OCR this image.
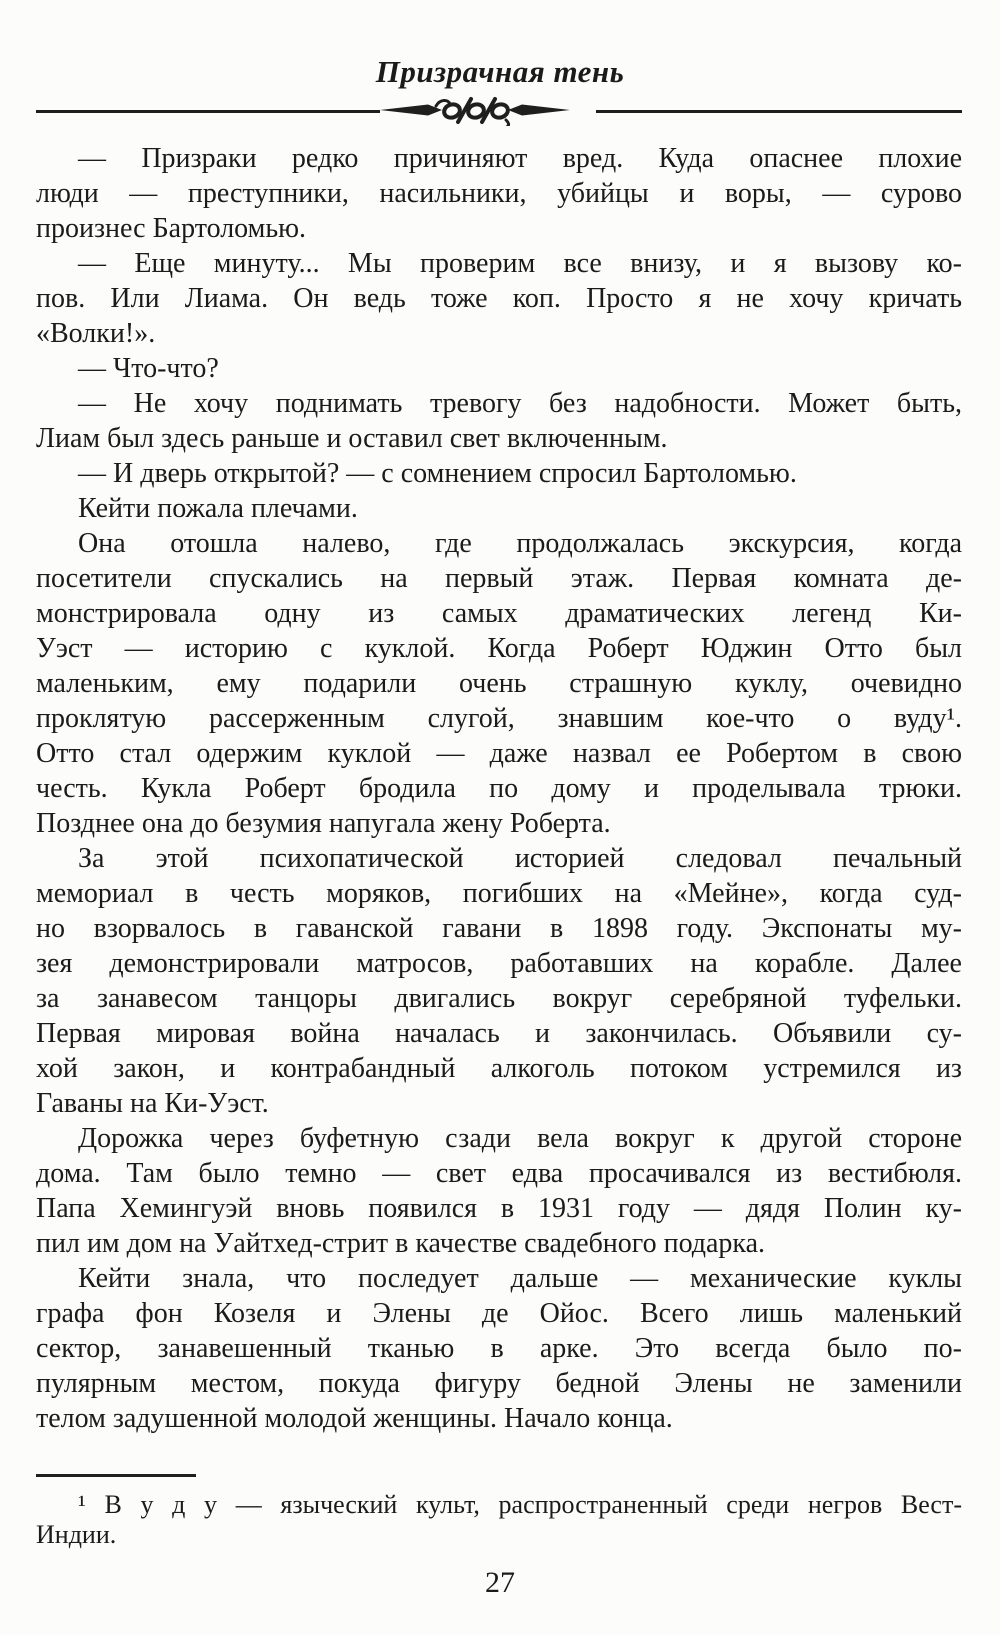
Призрачная тень
— Призраки редко причиняют вред. Куда опаснее плохие
люди — преступники, насильники, убийцы и воры, — сурово
произнес Бартоломью.
— Еще минуту... Мы проверим все внизу, и я вызову ко-
пов. Или Лиама. Он ведь тоже коп. Просто я не хочу кричать
«Волки!».
— Что-что?
— Не хочу поднимать тревогу без надобности. Может быть,
Лиам был здесь раньше и оставил свет включенным.
— И дверь открытой? — с сомнением спросил Бартоломью.
Кейти пожала плечами.
Она отошла налево, где продолжалась экскурсия, когда
посетители спускались на первый этаж. Первая комната де-
монстрировала одну из самых драматических легенд Ки-
Уэст — историю с куклой. Когда Роберт Юджин Отто был
маленьким, ему подарили очень страшную куклу, очевидно
проклятую рассерженным слугой, знавшим кое-что о вуду¹.
Отто стал одержим куклой — даже назвал ее Робертом в свою
честь. Кукла Роберт бродила по дому и проделывала трюки.
Позднее она до безумия напугала жену Роберта.
За этой психопатической историей следовал печальный
мемориал в честь моряков, погибших на «Мейне», когда суд-
но взорвалось в гаванской гавани в 1898 году. Экспонаты му-
зея демонстрировали матросов, работавших на корабле. Далее
за занавесом танцоры двигались вокруг серебряной туфельки.
Первая мировая война началась и закончилась. Объявили су-
хой закон, и контрабандный алкоголь потоком устремился из
Гаваны на Ки-Уэст.
Дорожка через буфетную сзади вела вокруг к другой стороне
дома. Там было темно — свет едва просачивался из вестибюля.
Папа Хемингуэй вновь появился в 1931 году — дядя Полин ку-
пил им дом на Уайтхед-стрит в качестве свадебного подарка.
Кейти знала, что последует дальше — механические куклы
графа фон Козеля и Элены де Ойос. Всего лишь маленький
сектор, занавешенный тканью в арке. Это всегда было по-
пулярным местом, покуда фигуру бедной Элены не заменили
телом задушенной молодой женщины. Начало конца.
¹ В у д у — языческий культ, распространенный среди негров Вест-
Индии.
27
